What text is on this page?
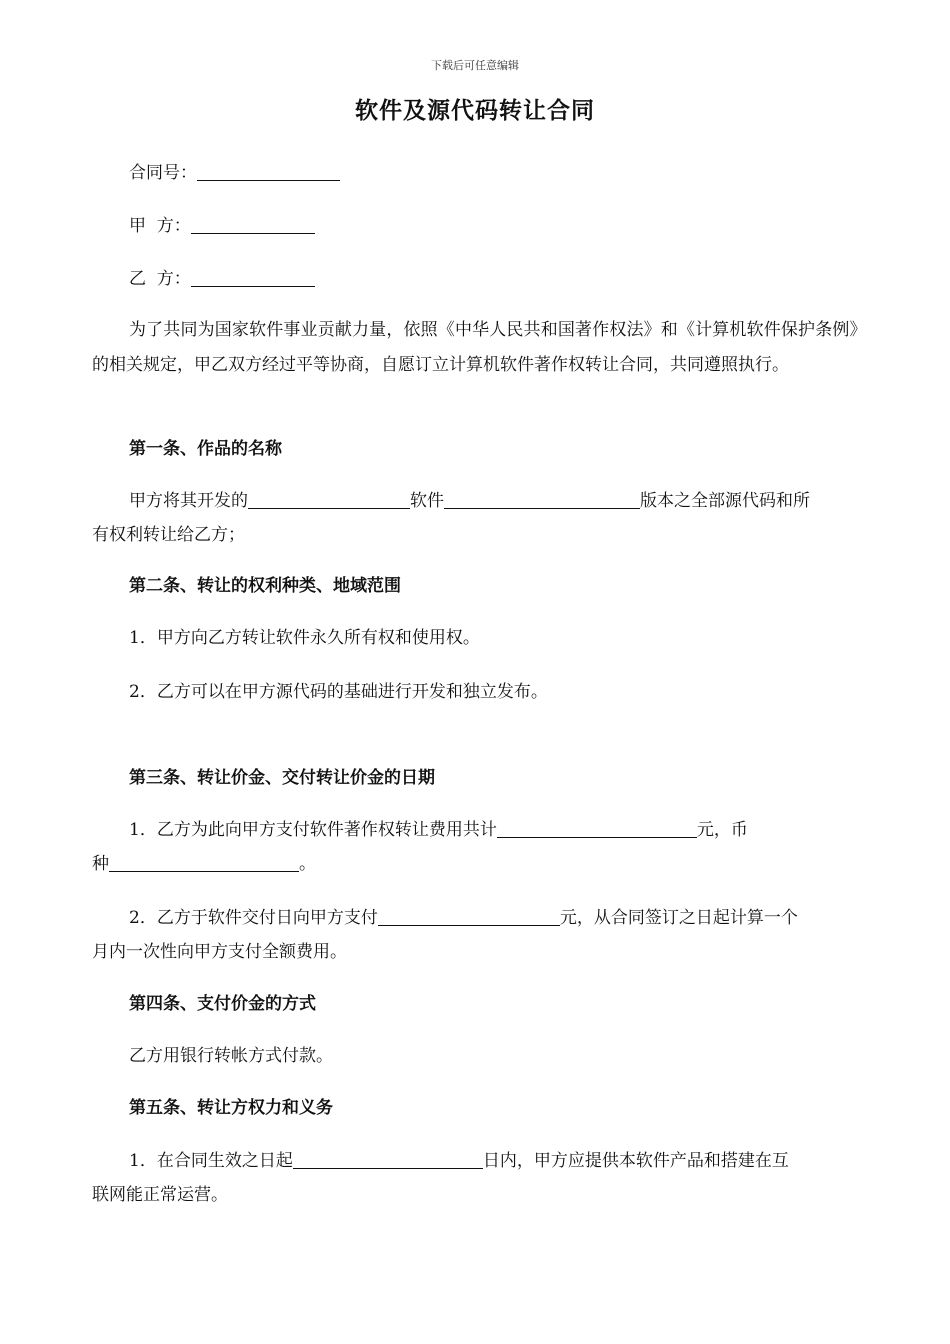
下载后可任意编辑
软件及源代码转让合同
合同号：
甲  方：
乙  方：
为了共同为国家软件事业贡献力量，依照《中华人民共和国著作权法》和《计算机软件保护条例》的相关规定，甲乙双方经过平等协商，自愿订立计算机软件著作权转让合同，共同遵照执行。
第一条、作品的名称
甲方将其开发的	软件	版本之全部源代码和所
有权利转让给乙方；
第二条、转让的权利种类、地域范围
1．甲方向乙方转让软件永久所有权和使用权。
2．乙方可以在甲方源代码的基础进行开发和独立发布。
第三条、转让价金、交付转让价金的日期
1．乙方为此向甲方支付软件著作权转让费用共计	元，币
种	。
2．乙方于软件交付日向甲方支付	元，从合同签订之日起计算一个
月内一次性向甲方支付全额费用。
第四条、支付价金的方式
乙方用银行转帐方式付款。
第五条、转让方权力和义务
1．在合同生效之日起	日内，甲方应提供本软件产品和搭建在互
联网能正常运营。
